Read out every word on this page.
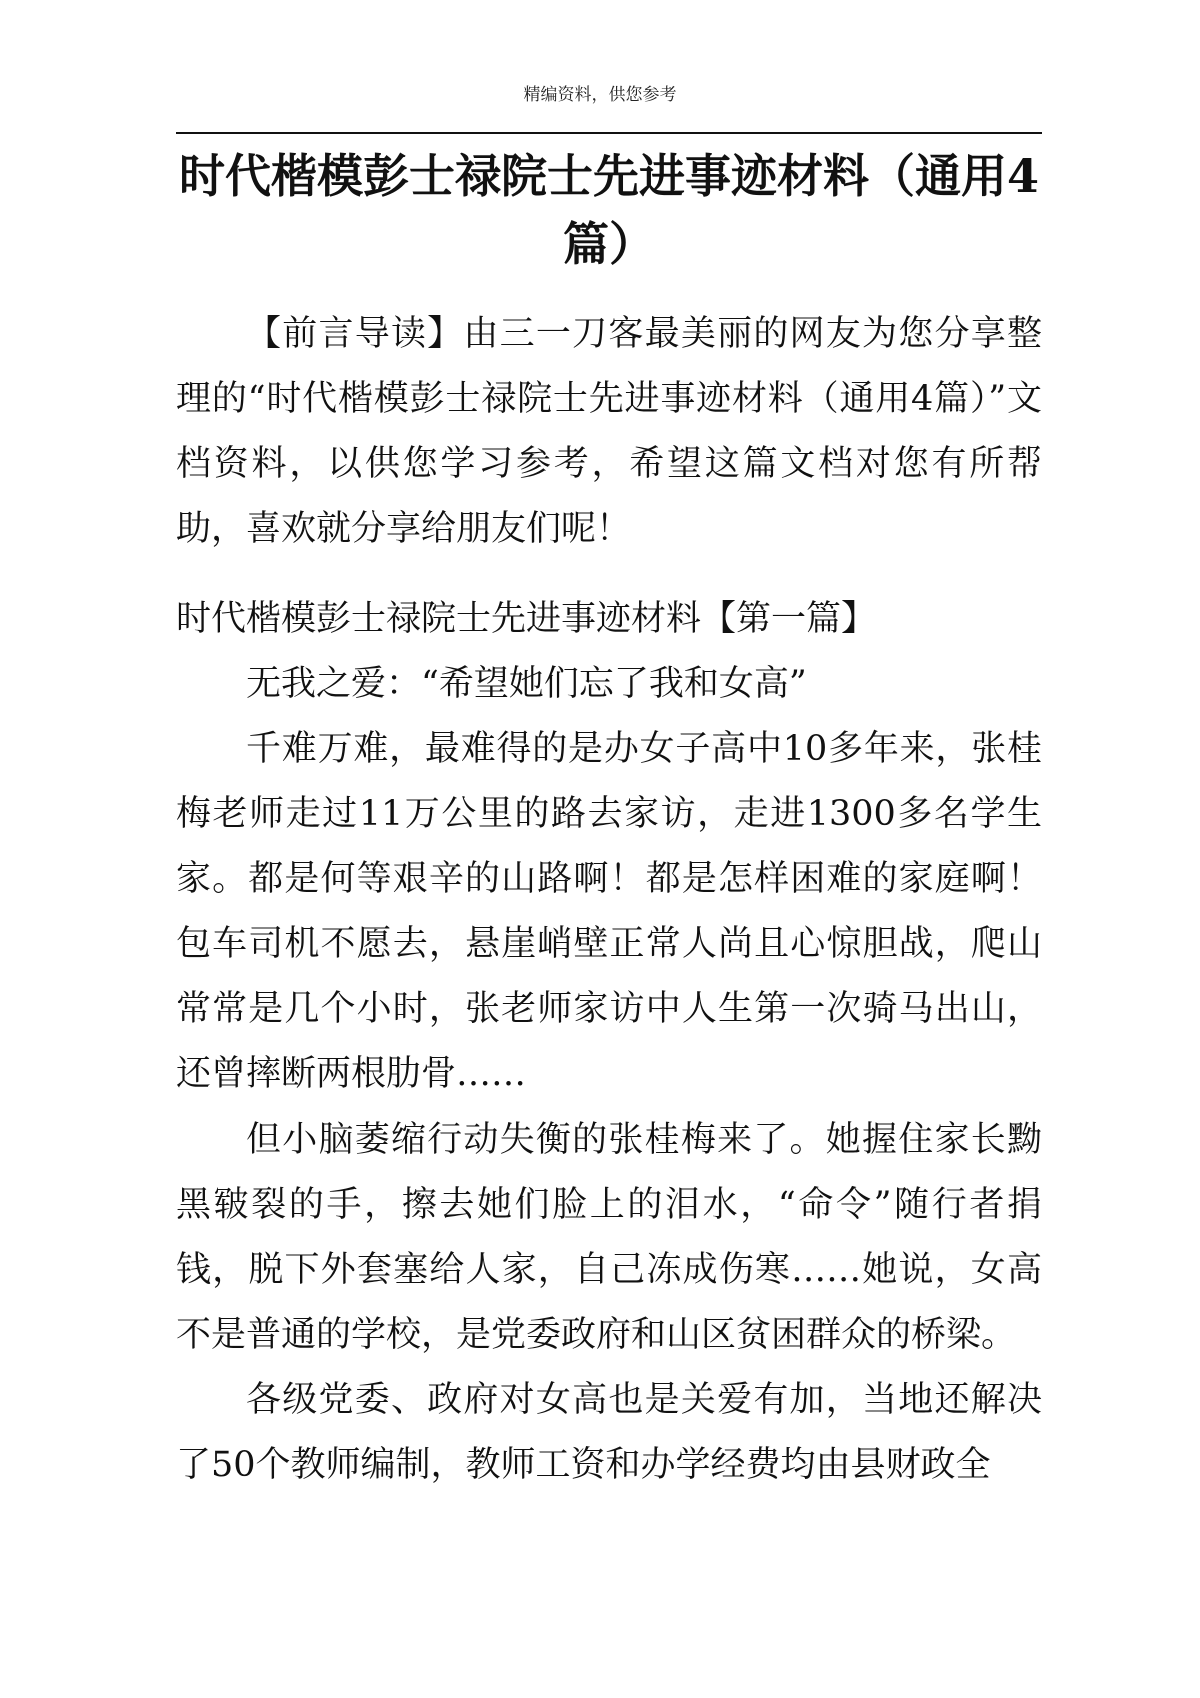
精编资料，供您参考
时代楷模彭士禄院士先进事迹材料（通用4篇）

【前言导读】由三一刀客最美丽的网友为您分享整理的“时代楷模彭士禄院士先进事迹材料（通用4篇）”文档资料，以供您学习参考，希望这篇文档对您有所帮助，喜欢就分享给朋友们呢！

时代楷模彭士禄院士先进事迹材料【第一篇】

无我之爱：“希望她们忘了我和女高”

千难万难，最难得的是办女子高中10多年来，张桂梅老师走过11万公里的路去家访，走进1300多名学生家。都是何等艰辛的山路啊！都是怎样困难的家庭啊！包车司机不愿去，悬崖峭壁正常人尚且心惊胆战，爬山常常是几个小时，张老师家访中人生第一次骑马出山，还曾摔断两根肋骨……

但小脑萎缩行动失衡的张桂梅来了。她握住家长黝黑皲裂的手，擦去她们脸上的泪水，“命令”随行者捐钱，脱下外套塞给人家，自己冻成伤寒……她说，女高不是普通的学校，是党委政府和山区贫困群众的桥梁。

各级党委、政府对女高也是关爱有加，当地还解决了50个教师编制，教师工资和办学经费均由县财政全
